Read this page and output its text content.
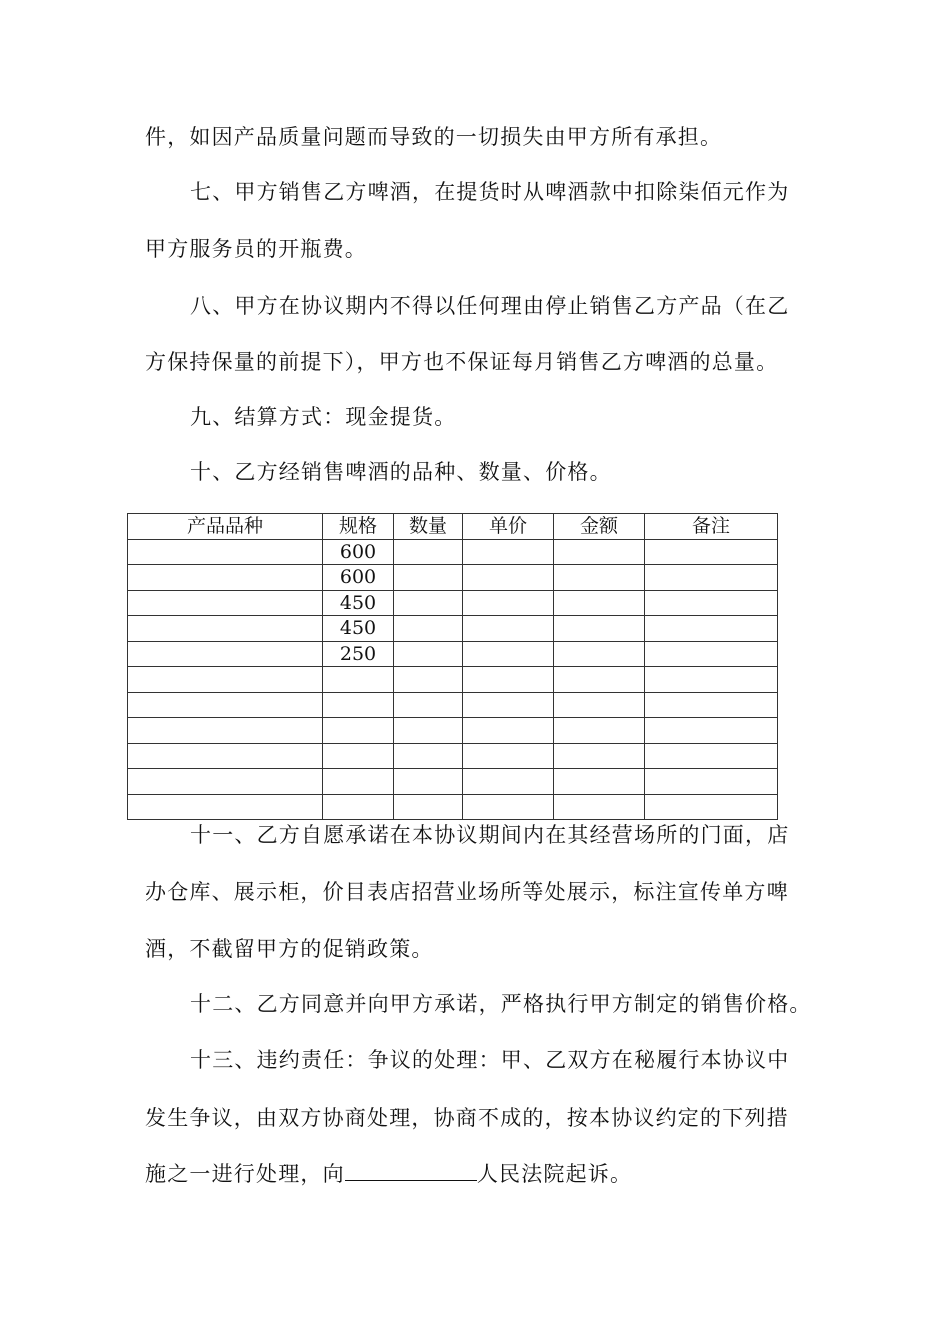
件，如因产品质量问题而导致的一切损失由甲方所有承担。
七、甲方销售乙方啤酒，在提货时从啤酒款中扣除柒佰元作为
甲方服务员的开瓶费。
八、甲方在协议期内不得以任何理由停止销售乙方产品（在乙
方保持保量的前提下），甲方也不保证每月销售乙方啤酒的总量。
九、结算方式：现金提货。
十、乙方经销售啤酒的品种、数量、价格。
产品品种	规格	数量	单价	金额	备注
	600				
	600				
	450				
	450				
	250				

十一、乙方自愿承诺在本协议期间内在其经营场所的门面，店
办仓库、展示柜，价目表店招营业场所等处展示，标注宣传单方啤
酒，不截留甲方的促销政策。
十二、乙方同意并向甲方承诺，严格执行甲方制定的销售价格。
十三、违约责任：争议的处理：甲、乙双方在秘履行本协议中
发生争议，由双方协商处理，协商不成的，按本协议约定的下列措
施之一进行处理，向	人民法院起诉。
